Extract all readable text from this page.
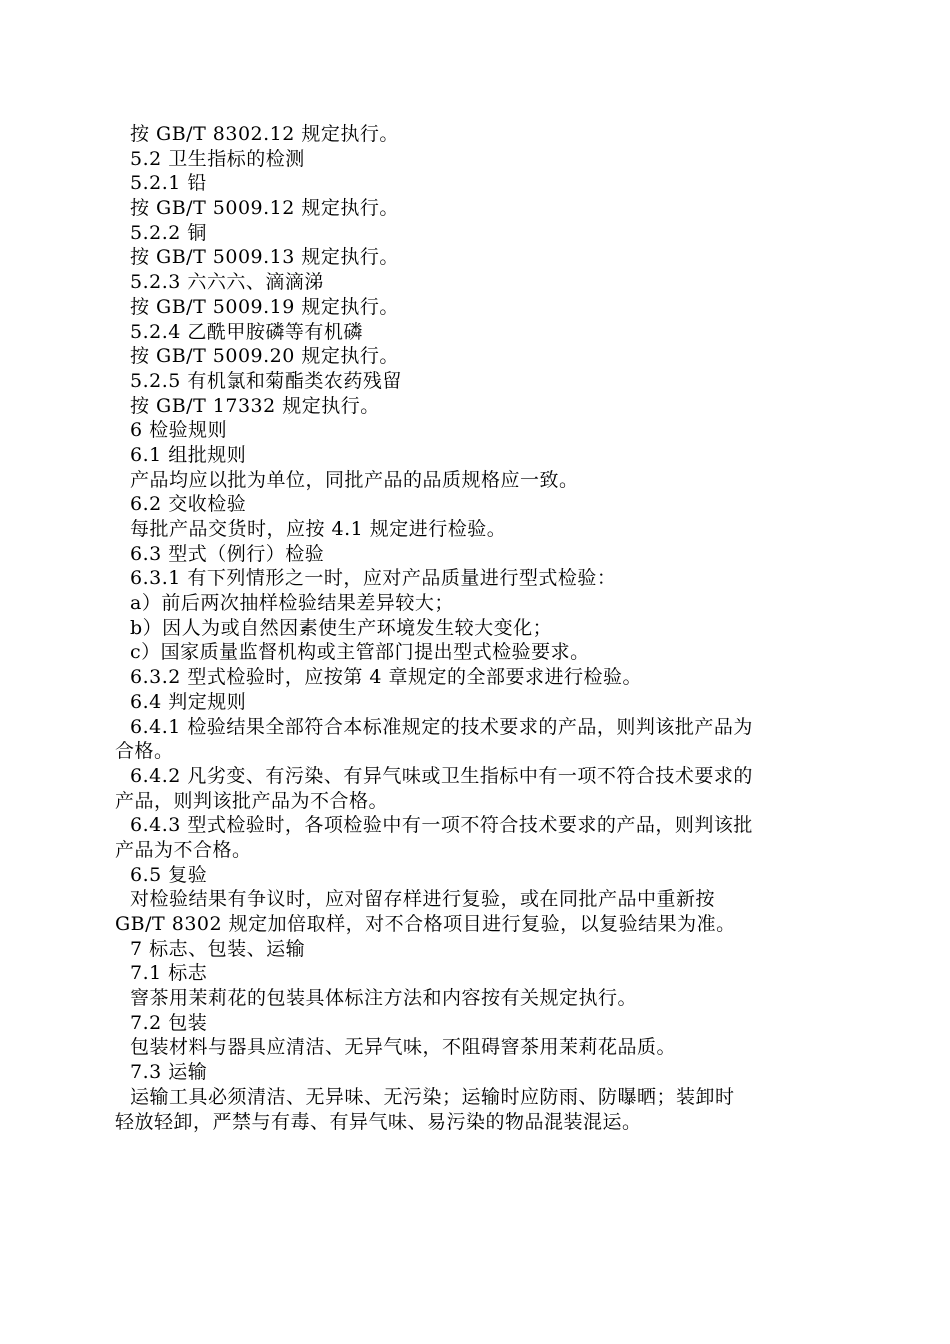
按 GB/T 8302.12 规定执行。
5.2 卫生指标的检测
5.2.1 铅
按 GB/T 5009.12 规定执行。
5.2.2 铜
按 GB/T 5009.13 规定执行。
5.2.3 六六六、滴滴涕
按 GB/T 5009.19 规定执行。
5.2.4 乙酰甲胺磷等有机磷
按 GB/T 5009.20 规定执行。
5.2.5 有机氯和菊酯类农药残留
按 GB/T 17332 规定执行。
6 检验规则
6.1 组批规则
产品均应以批为单位，同批产品的品质规格应一致。
6.2 交收检验
每批产品交货时，应按 4.1 规定进行检验。
6.3 型式（例行）检验
6.3.1 有下列情形之一时，应对产品质量进行型式检验：
a）前后两次抽样检验结果差异较大；
b）因人为或自然因素使生产环境发生较大变化；
c）国家质量监督机构或主管部门提出型式检验要求。
6.3.2 型式检验时，应按第 4 章规定的全部要求进行检验。
6.4 判定规则
6.4.1 检验结果全部符合本标准规定的技术要求的产品，则判该批产品为
合格。
6.4.2 凡劣变、有污染、有异气味或卫生指标中有一项不符合技术要求的
产品，则判该批产品为不合格。
6.4.3 型式检验时，各项检验中有一项不符合技术要求的产品，则判该批
产品为不合格。
6.5 复验
对检验结果有争议时，应对留存样进行复验，或在同批产品中重新按
GB/T 8302 规定加倍取样，对不合格项目进行复验，以复验结果为准。
7 标志、包装、运输
7.1 标志
窨茶用茉莉花的包装具体标注方法和内容按有关规定执行。
7.2 包装
包装材料与器具应清洁、无异气味，不阻碍窨茶用茉莉花品质。
7.3 运输
运输工具必须清洁、无异味、无污染；运输时应防雨、防曝晒；装卸时
轻放轻卸，严禁与有毒、有异气味、易污染的物品混装混运。
